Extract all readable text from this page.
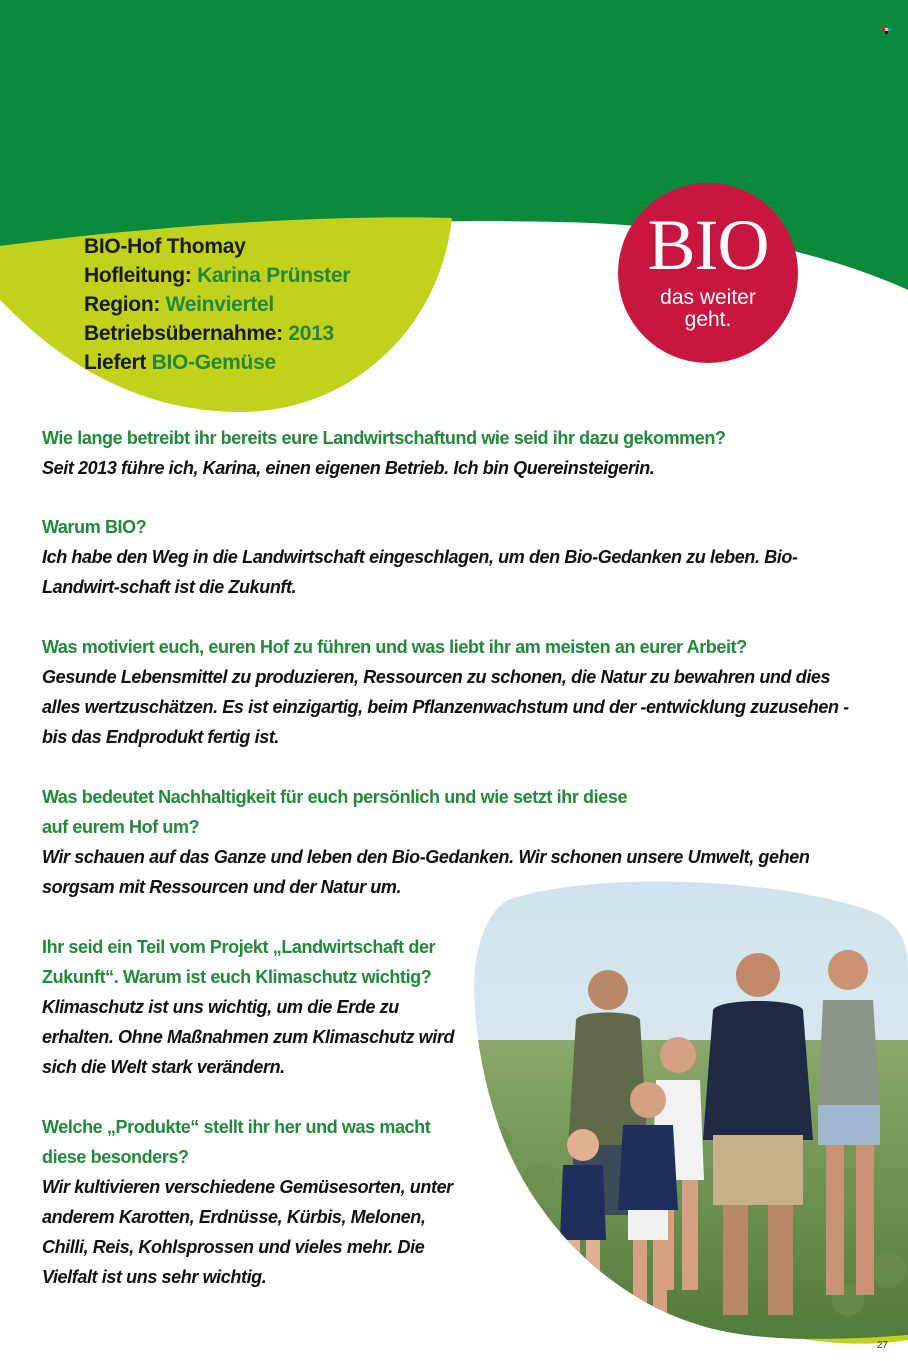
BIO-Hof Thomay
Hofleitung: Karina Prünster
Region: Weinviertel
Betriebsübernahme: 2013
Liefert BIO-Gemüse
BIO
das weiter
geht.
Wie lange betreibt ihr bereits eure Landwirtschaftund wie seid ihr dazu gekommen?
Seit 2013 führe ich, Karina, einen eigenen Betrieb. Ich bin Quereinsteigerin.
Warum BIO?
Ich habe den Weg in die Landwirtschaft eingeschlagen, um den Bio-Gedanken zu leben. Bio-Landwirt-schaft ist die Zukunft.
Was motiviert euch, euren Hof zu führen und was liebt ihr am meisten an eurer Arbeit?
Gesunde Lebensmittel zu produzieren, Ressourcen zu schonen, die Natur zu bewahren und dies alles wertzuschätzen. Es ist einzigartig, beim Pflanzenwachstum und der -entwicklung zuzusehen - bis das Endprodukt fertig ist.
Was bedeutet Nachhaltigkeit für euch persönlich und wie setzt ihr diese auf eurem Hof um?
Wir schauen auf das Ganze und leben den Bio-Gedanken. Wir schonen unsere Umwelt, gehen sorgsam mit Ressourcen und der Natur um.
Ihr seid ein Teil vom Projekt „Landwirtschaft der Zukunft“. Warum ist euch Klimaschutz wichtig?
Klimaschutz ist uns wichtig, um die Erde zu erhalten. Ohne Maßnahmen zum Klimaschutz wird sich die Welt stark verändern.
Welche „Produkte“ stellt ihr her und was macht diese besonders?
Wir kultivieren verschiedene Gemüsesorten, unter anderem Karotten, Erdnüsse, Kürbis, Melonen, Chilli, Reis, Kohlsprossen und vieles mehr. Die Vielfalt ist uns sehr wichtig.
27
